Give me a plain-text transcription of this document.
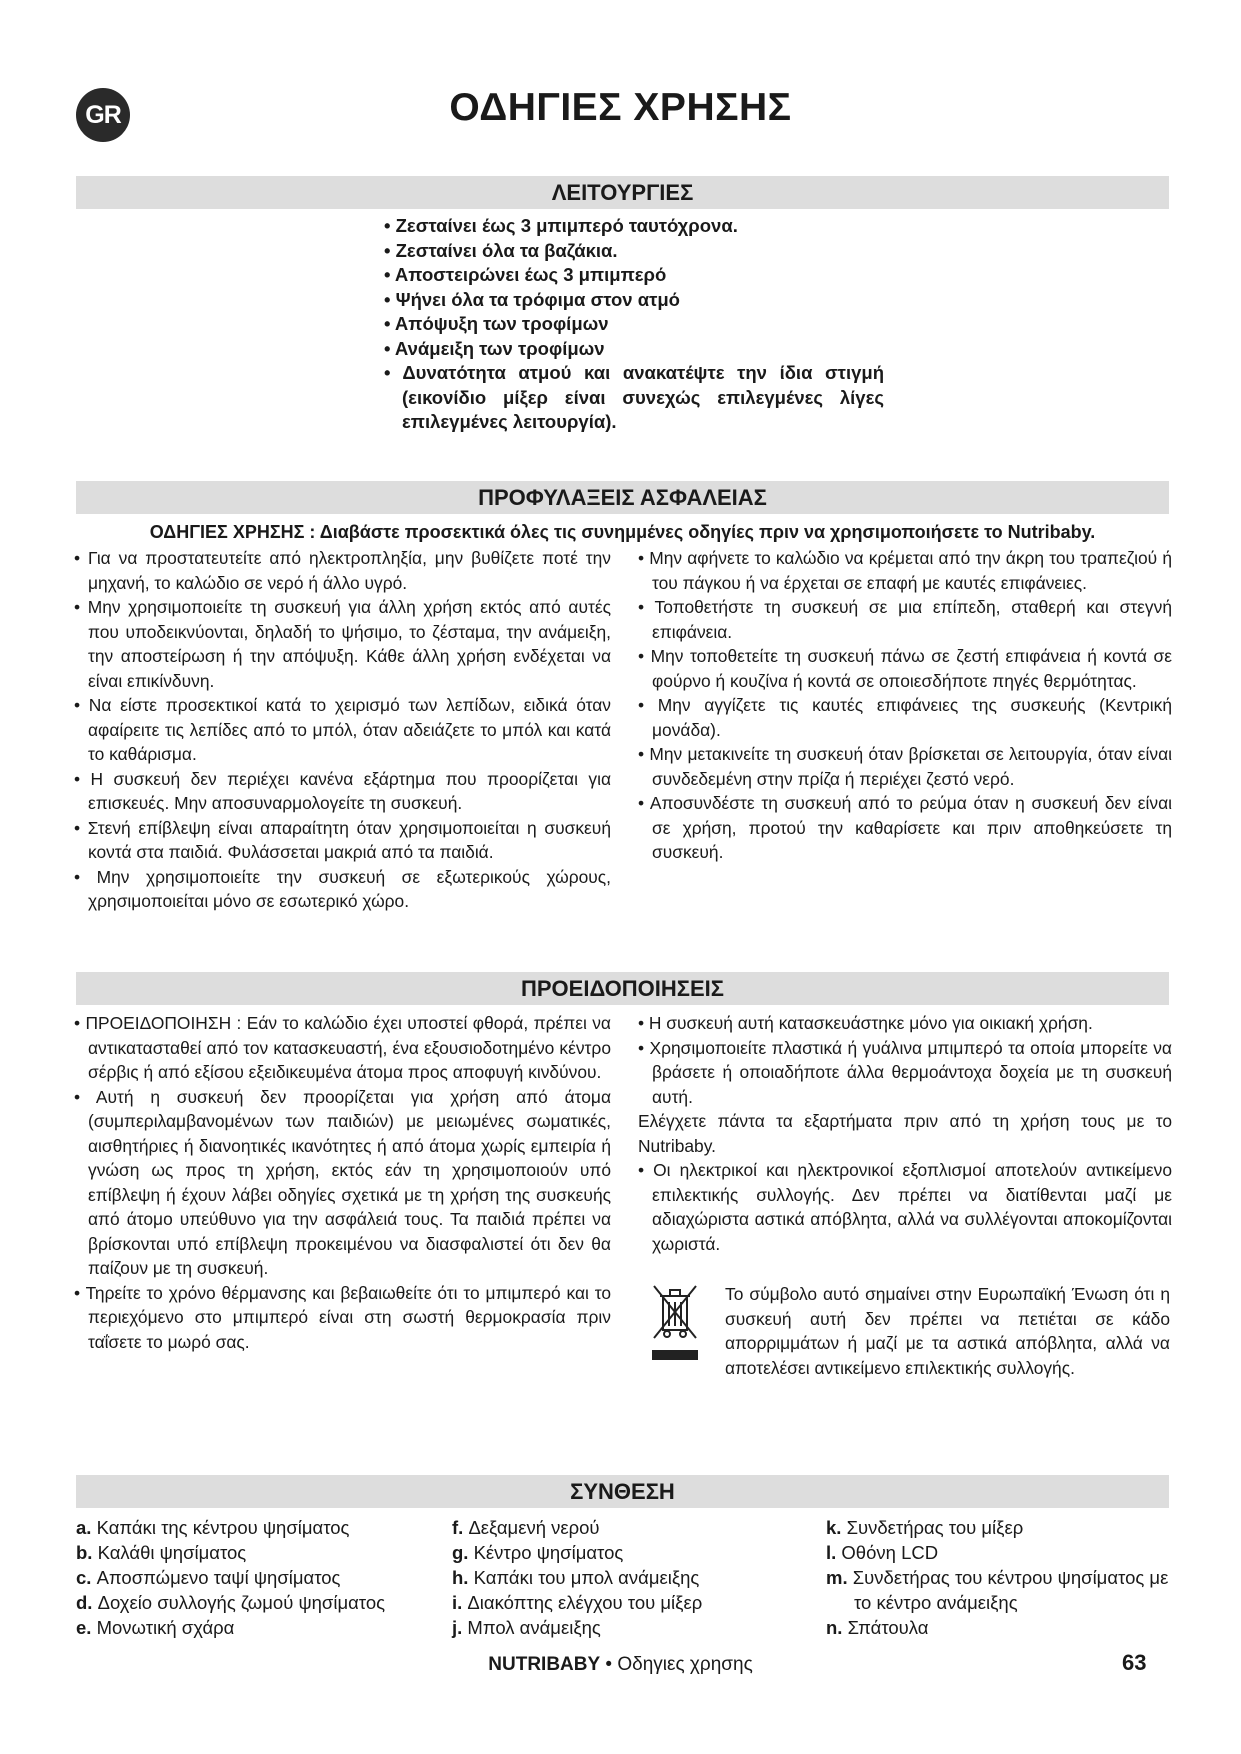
GR	ΟΔΗΓΙΕΣ ΧΡΗΣΗΣ
ΛΕΙΤΟΥΡΓΙΕΣ
• Ζεσταίνει έως 3 μπιμπερό ταυτόχρονα.
• Ζεσταίνει όλα τα βαζάκια.
• Αποστειρώνει έως 3 μπιμπερό
• Ψήνει όλα τα τρόφιμα στον ατμό
• Απόψυξη των τροφίμων
• Ανάμειξη των τροφίμων
• Δυνατότητα ατμού και ανακατέψτε την ίδια στιγμή (εικονίδιο μίξερ είναι συνεχώς επιλεγμένες λίγες επιλεγμένες λειτουργία).
ΠΡΟΦΥΛΑΞΕΙΣ ΑΣΦΑΛΕΙΑΣ
ΟΔΗΓΙΕΣ ΧΡΗΣΗΣ : Διαβάστε προσεκτικά όλες τις συνημμένες οδηγίες πριν να χρησιμοποιήσετε το Nutribaby.

• Για να προστατευτείτε από ηλεκτροπληξία, μην βυθίζετε ποτέ την μηχανή, το καλώδιο σε νερό ή άλλο υγρό.

• Μην χρησιμοποιείτε τη συσκευή για άλλη χρήση εκτός από αυτές που υποδεικνύονται, δηλαδή το ψήσιμο, το ζέσταμα, την ανάμειξη, την αποστείρωση ή την απόψυξη. Κάθε άλλη χρήση ενδέχεται να είναι επικίνδυνη.

• Να είστε προσεκτικοί κατά το χειρισμό των λεπίδων, ειδικά όταν αφαίρειτε τις λεπίδες από το μπόλ, όταν αδειάζετε το μπόλ και κατά το καθάρισμα.

• Η συσκευή δεν περιέχει κανένα εξάρτημα που προορίζεται για επισκευές. Μην αποσυναρμολογείτε τη συσκευή.

• Στενή επίβλεψη είναι απαραίτητη όταν χρησιμοποιείται η συσκευή κοντά στα παιδιά. Φυλάσσεται μακριά από τα παιδιά.

• Μην χρησιμοποιείτε την συσκευή σε εξωτερικούς χώρους, χρησιμοποιείται μόνο σε εσωτερικό χώρο.

• Μην αφήνετε το καλώδιο να κρέμεται από την άκρη του τραπεζιού ή του πάγκου ή να έρχεται σε επαφή με καυτές επιφάνειες.

• Τοποθετήστε τη συσκευή σε μια επίπεδη, σταθερή και στεγνή επιφάνεια.

• Μην τοποθετείτε τη συσκευή πάνω σε ζεστή επιφάνεια ή κοντά σε φούρνο ή κουζίνα ή κοντά σε οποιεσδήποτε πηγές θερμότητας.

• Μην αγγίζετε τις καυτές επιφάνειες της συσκευής (Κεντρική μονάδα).

• Μην μετακινείτε τη συσκευή όταν βρίσκεται σε λειτουργία, όταν είναι συνδεδεμένη στην πρίζα ή περιέχει ζεστό νερό.

• Αποσυνδέστε τη συσκευή από το ρεύμα όταν η συσκευή δεν είναι σε χρήση, προτού την καθαρίσετε και πριν αποθηκεύσετε τη συσκευή.

ΠΡΟΕΙΔΟΠΟΙΗΣΕΙΣ

• ΠΡΟΕΙΔΟΠΟΙΗΣΗ : Εάν το καλώδιο έχει υποστεί φθορά, πρέπει να αντικατασταθεί από τον κατασκευαστή, ένα εξουσιοδοτημένο κέντρο σέρβις ή από εξίσου εξειδικευμένα άτομα προς αποφυγή κινδύνου.

• Αυτή η συσκευή δεν προορίζεται για χρήση από άτομα (συμπεριλαμβανομένων των παιδιών) με μειωμένες σωματικές, αισθητήριες ή διανοητικές ικανότητες ή από άτομα χωρίς εμπειρία ή γνώση ως προς τη χρήση, εκτός εάν τη χρησιμοποιούν υπό επίβλεψη ή έχουν λάβει οδηγίες σχετικά με τη χρήση της συσκευής από άτομο υπεύθυνο για την ασφάλειά τους. Τα παιδιά πρέπει να βρίσκονται υπό επίβλεψη προκειμένου να διασφαλιστεί ότι δεν θα παίζουν με τη συσκευή.

• Τηρείτε το χρόνο θέρμανσης και βεβαιωθείτε ότι το μπιμπερό και το περιεχόμενο στο μπιμπερό είναι στη σωστή θερμοκρασία πριν ταΐσετε το μωρό σας.

• Η συσκευή αυτή κατασκευάστηκε μόνο για οικιακή χρήση.

• Χρησιμοποιείτε πλαστικά ή γυάλινα μπιμπερό τα οποία μπορείτε να βράσετε ή οποιαδήποτε άλλα θερμοάντοχα δοχεία με τη συσκευή αυτή.

Ελέγχετε πάντα τα εξαρτήματα πριν από τη χρήση τους με το Nutribaby.

• Οι ηλεκτρικοί και ηλεκτρονικοί εξοπλισμοί αποτελούν αντικείμενο επιλεκτικής συλλογής. Δεν πρέπει να διατίθενται μαζί με αδιαχώριστα αστικά απόβλητα, αλλά να συλλέγονται αποκομίζονται χωριστά.

Το σύμβολο αυτό σημαίνει στην Ευρωπαϊκή Ένωση ότι η συσκευή αυτή δεν πρέπει να πετιέται σε κάδο απορριμμάτων ή μαζί με τα αστικά απόβλητα, αλλά να αποτελέσει αντικείμενο επιλεκτικής συλλογής.
ΣΥΝΘΕΣΗ
a. Καπάκι της κέντρου ψησίματος
b. Καλάθι ψησίματος
c. Αποσπώμενο ταψί ψησίματος
d. Δοχείο συλλογής ζωμού ψησίματος
e. Μονωτική σχάρα
f. Δεξαμενή νερού
g. Κέντρο ψησίματος
h. Καπάκι του μπολ ανάμειξης
i. Διακόπτης ελέγχου του μίξερ
j. Μπολ ανάμειξης
k. Συνδετήρας του μίξερ
l. Οθόνη LCD
m. Συνδετήρας του κέντρου ψησίματος με το κέντρο ανάμειξης
n. Σπάτουλα
NUTRIBABY • Οδηγιες χρησης	63
